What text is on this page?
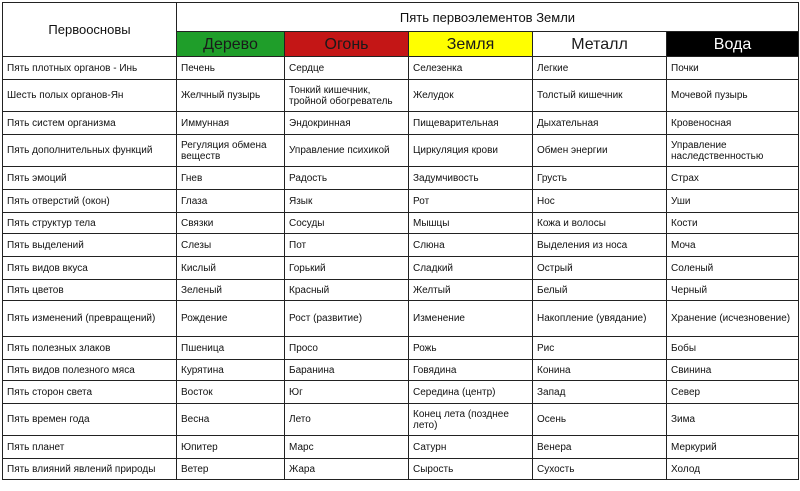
Первоосновы	Пять первоэлементов Земли				
	Дерево	Огонь	Земля	Металл	Вода
Пять плотных органов - Инь	Печень	Сердце	Селезенка	Легкие	Почки
Шесть полых органов-Ян	Желчный пузырь	Тонкий кишечник, тройной обогреватель	Желудок	Толстый кишечник	Мочевой пузырь
Пять систем организма	Иммунная	Эндокринная	Пищеварительная	Дыхательная	Кровеносная
Пять дополнительных функций	Регуляция обмена веществ	Управление психикой	Циркуляция крови	Обмен энергии	Управление наследственностью
Пять эмоций	Гнев	Радость	Задумчивость	Грусть	Страх
Пять отверстий (окон)	Глаза	Язык	Рот	Нос	Уши
Пять структур тела	Связки	Сосуды	Мышцы	Кожа и волосы	Кости
Пять выделений	Слезы	Пот	Слюна	Выделения из носа	Моча
Пять видов вкуса	Кислый	Горький	Сладкий	Острый	Соленый
Пять цветов	Зеленый	Красный	Желтый	Белый	Черный
Пять изменений (превращений)	Рождение	Рост (развитие)	Изменение	Накопление (увядание)	Хранение (исчезновение)
Пять полезных злаков	Пшеница	Просо	Рожь	Рис	Бобы
Пять видов полезного мяса	Курятина	Баранина	Говядина	Конина	Свинина
Пять сторон света	Восток	Юг	Середина (центр)	Запад	Север
Пять времен года	Весна	Лето	Конец лета (позднее лето)	Осень	Зима
Пять планет	Юпитер	Марс	Сатурн	Венера	Меркурий
Пять влияний явлений природы	Ветер	Жара	Сырость	Сухость	Холод
